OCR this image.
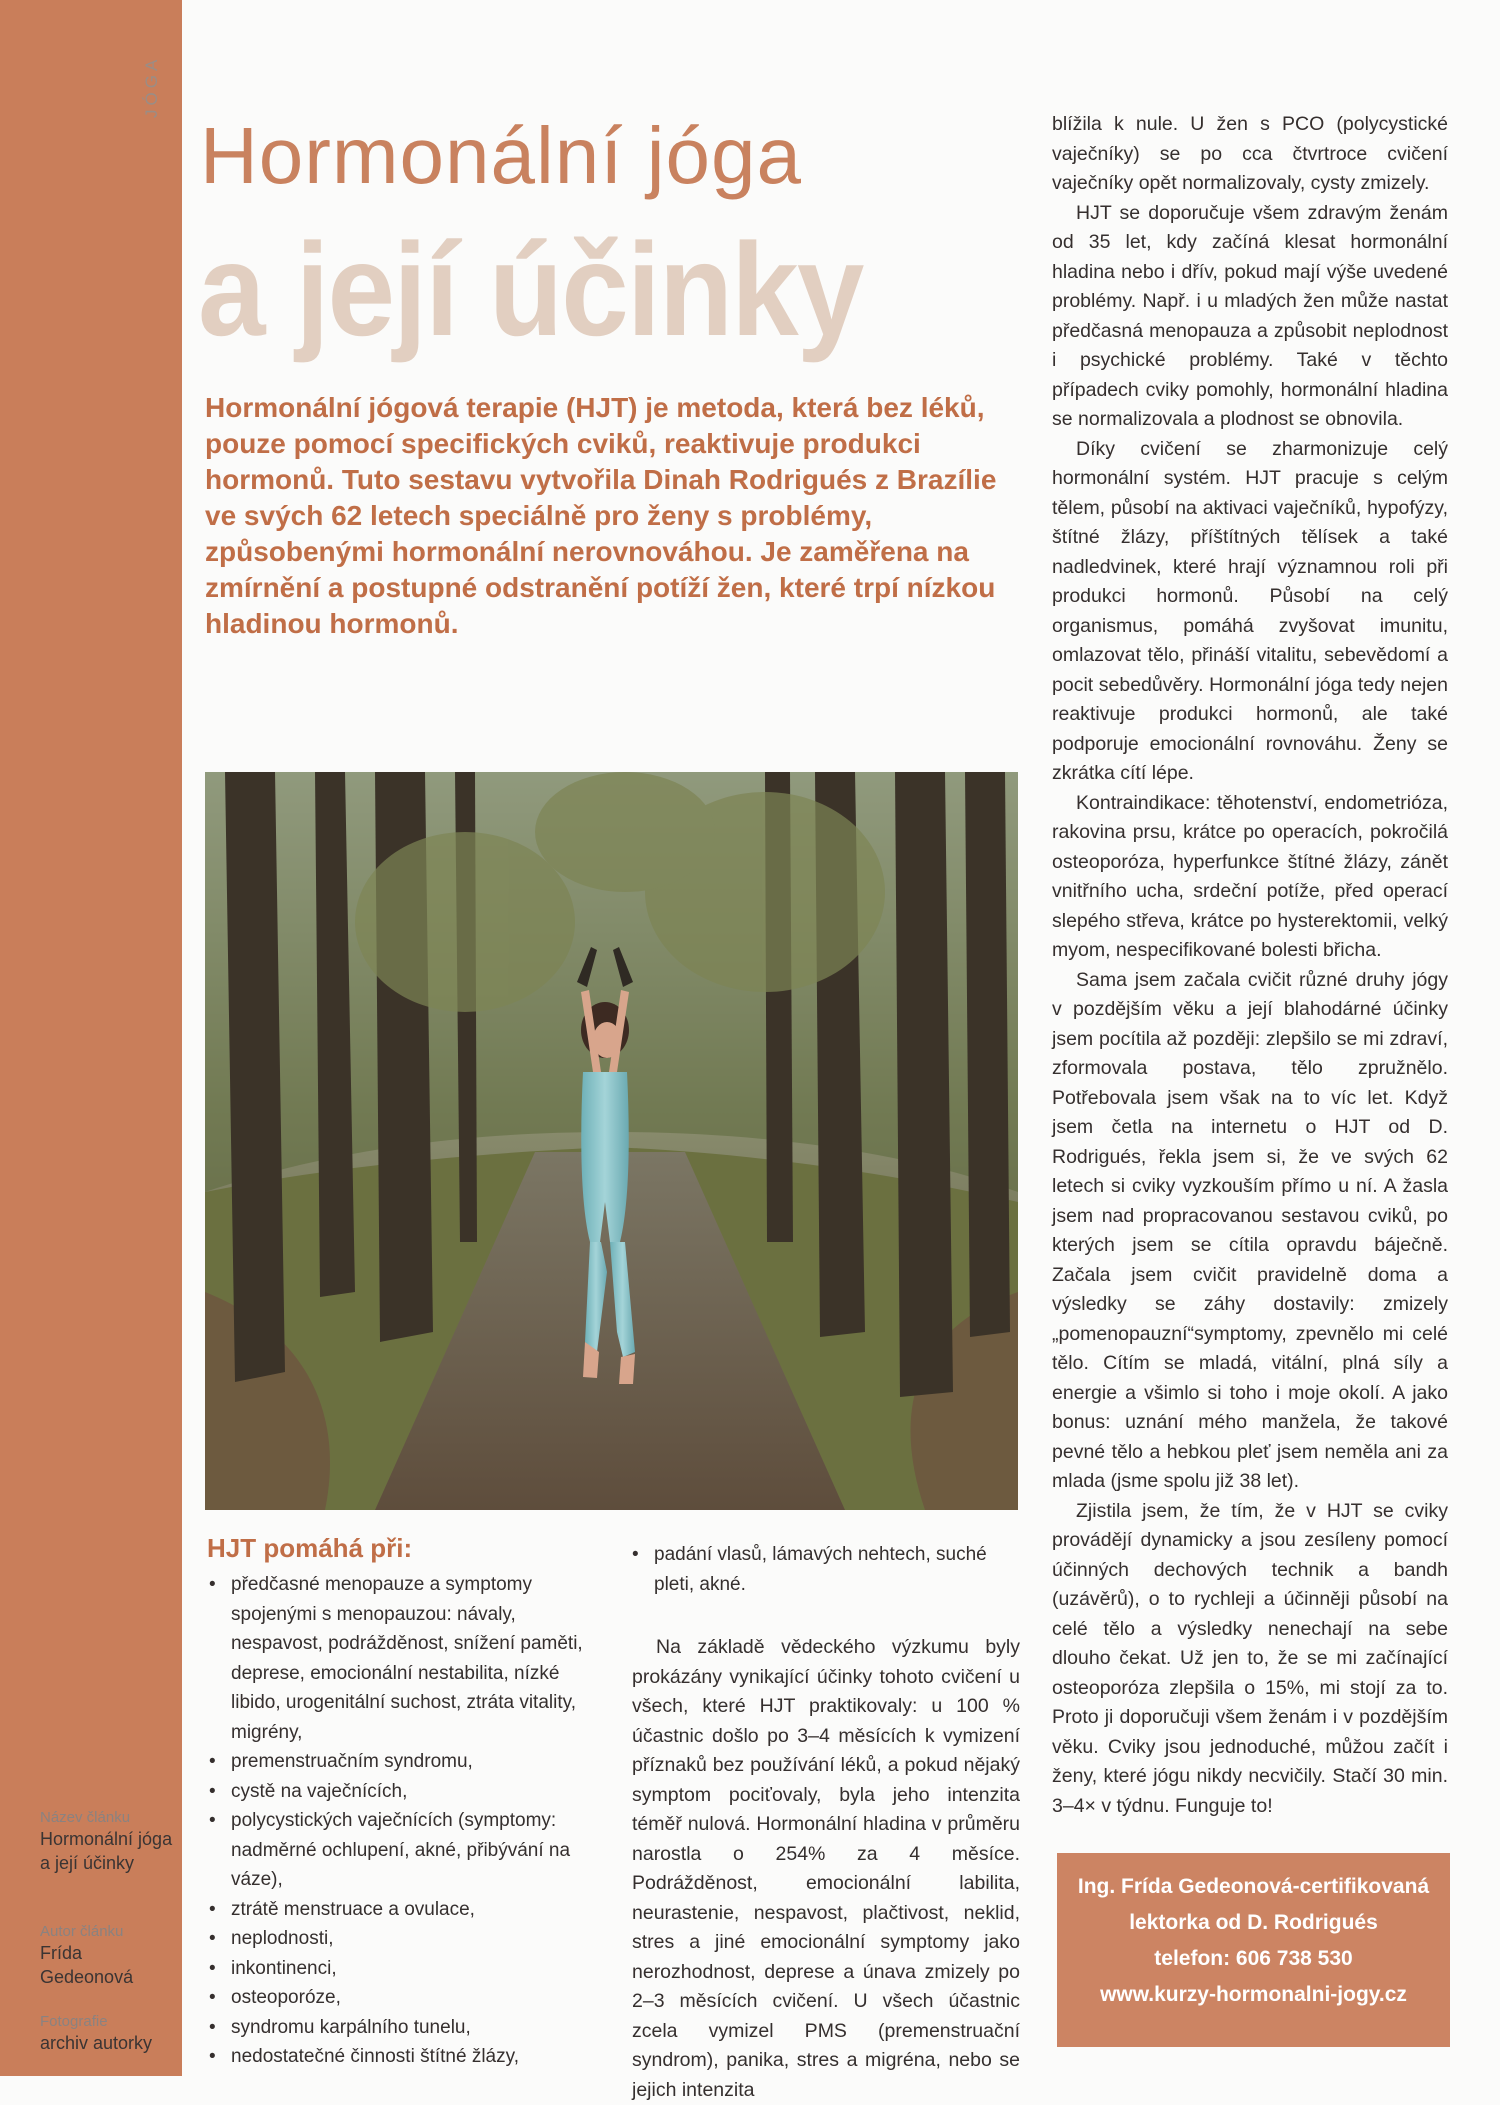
JÓGA
Hormonální jóga
a její účinky

Hormonální jógová terapie (HJT) je metoda, která bez léků, pouze pomocí specifických cviků, reaktivuje produkci hormonů. Tuto sestavu vytvořila Dinah Rodrigués z Brazílie ve svých 62 letech speciálně pro ženy s problémy, způsobenými hormonální nerovnováhou. Je zaměřena na zmírnění a postupné odstranění potíží žen, které trpí nízkou hladinou hormonů.

HJT pomáhá při:
• předčasné menopauze a symptomy spojenými s menopauzou: návaly, nespavost, podrážděnost, snížení paměti, deprese, emocionální nestabilita, nízké libido, urogenitální suchost, ztráta vitality, migrény,
• premenstruačním syndromu,
• cystě na vaječnících,
• polycystických vaječnících (symptomy: nadměrné ochlupení, akné, přibývání na váze),
• ztrátě menstruace a ovulace,
• neplodnosti,
• inkontinenci,
• osteoporóze,
• syndromu karpálního tunelu,
• nedostatečné činnosti štítné žlázy,
• padání vlasů, lámavých nehtech, suché pleti, akné.

Na základě vědeckého výzkumu byly prokázány vynikající účinky tohoto cvičení u všech, které HJT praktikovaly: u 100 % účastnic došlo po 3–4 měsících k vymizení příznaků bez používání léků, a pokud nějaký symptom pociťovaly, byla jeho intenzita téměř nulová. Hormonální hladina v průměru narostla o 254% za 4 měsíce. Podrážděnost, emocionální labilita, neurastenie, nespavost, plačtivost, neklid, stres a jiné emocionální symptomy jako nerozhodnost, deprese a únava zmizely po 2–3 měsících cvičení. U všech účastnic zcela vymizel PMS (premenstruační syndrom), panika, stres a migréna, nebo se jejich intenzita

blížila k nule. U žen s PCO (polycystické vaječníky) se po cca čtvrtroce cvičení vaječníky opět normalizovaly, cysty zmizely.

HJT se doporučuje všem zdravým ženám od 35 let, kdy začíná klesat hormonální hladina nebo i dřív, pokud mají výše uvedené problémy. Např. i u mladých žen může nastat předčasná menopauza a způsobit neplodnost i psychické problémy. Také v těchto případech cviky pomohly, hormonální hladina se normalizovala a plodnost se obnovila.

Díky cvičení se zharmonizuje celý hormonální systém. HJT pracuje s celým tělem, působí na aktivaci vaječníků, hypofýzy, štítné žlázy, příštítných tělísek a také nadledvinek, které hrají významnou roli při produkci hormonů. Působí na celý organismus, pomáhá zvyšovat imunitu, omlazovat tělo, přináší vitalitu, sebevědomí a pocit sebedůvěry. Hormonální jóga tedy nejen reaktivuje produkci hormonů, ale také podporuje emocionální rovnováhu. Ženy se zkrátka cítí lépe.

Kontraindikace: těhotenství, endometrióza, rakovina prsu, krátce po operacích, pokročilá osteoporóza, hyperfunkce štítné žlázy, zánět vnitřního ucha, srdeční potíže, před operací slepého střeva, krátce po hysterektomii, velký myom, nespecifikované bolesti břicha.

Sama jsem začala cvičit různé druhy jógy v pozdějším věku a její blahodárné účinky jsem pocítila až později: zlepšilo se mi zdraví, zformovala postava, tělo zpružnělo. Potřebovala jsem však na to víc let. Když jsem četla na internetu o HJT od D. Rodrigués, řekla jsem si, že ve svých 62 letech si cviky vyzkouším přímo u ní. A žasla jsem nad propracovanou sestavou cviků, po kterých jsem se cítila opravdu báječně. Začala jsem cvičit pravidelně doma a výsledky se záhy dostavily: zmizely „pomenopauzní“symptomy, zpevnělo mi celé tělo. Cítím se mladá, vitální, plná síly a energie a všimlo si toho i moje okolí. A jako bonus: uznání mého manžela, že takové pevné tělo a hebkou pleť jsem neměla ani za mlada (jsme spolu již 38 let).

Zjistila jsem, že tím, že v HJT se cviky provádějí dynamicky a jsou zesíleny pomocí účinných dechových technik a bandh (uzávěrů), o to rychleji a účinněji působí na celé tělo a výsledky nenechají na sebe dlouho čekat. Už jen to, že se mi začínající osteoporóza zlepšila o 15%, mi stojí za to. Proto ji doporučuji všem ženám i v pozdějším věku. Cviky jsou jednoduché, můžou začít i ženy, které jógu nikdy necvičily. Stačí 30 min. 3–4× v týdnu. Funguje to!

Ing. Frída Gedeonová-certifikovaná
lektorka od D. Rodrigués
telefon: 606 738 530
www.kurzy-hormonalni-jogy.cz
Název článku
Hormonální jóga a její účinky
Autor článku
Frída Gedeonová
Fotografie
archiv autorky
